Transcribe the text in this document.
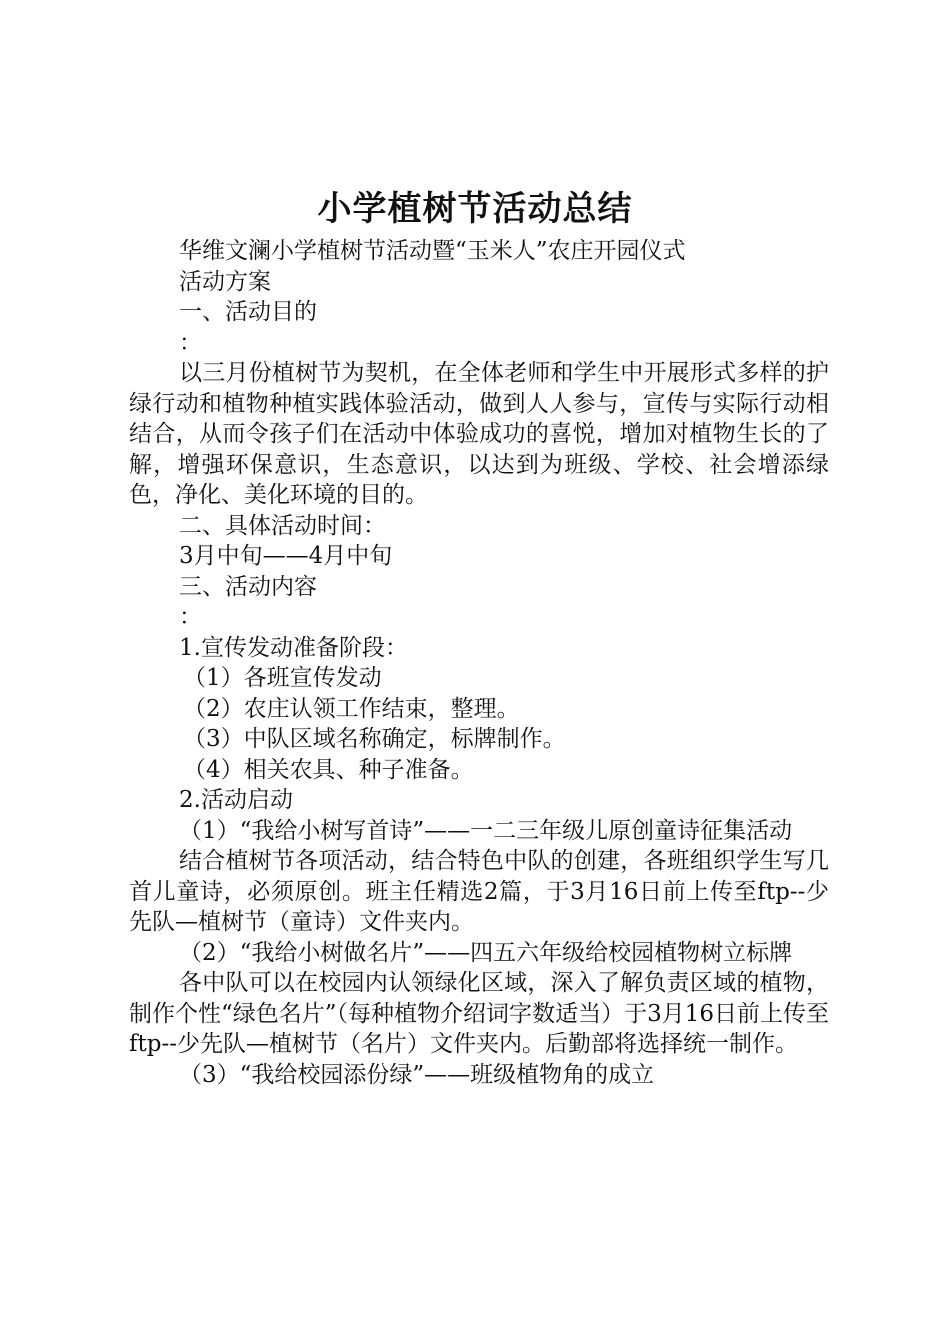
小学植树节活动总结

华维文澜小学植树节活动暨“玉米人”农庄开园仪式

活动方案

一、活动目的

：

以三月份植树节为契机，在全体老师和学生中开展形式多样的护绿行动和植物种植实践体验活动，做到人人参与，宣传与实际行动相结合，从而令孩子们在活动中体验成功的喜悦，增加对植物生长的了解，增强环保意识，生态意识，以达到为班级、学校、社会增添绿色，净化、美化环境的目的。

二、具体活动时间：

3月中旬——4月中旬

三、活动内容

：

1.宣传发动准备阶段：

（1）各班宣传发动

（2）农庄认领工作结束，整理。

（3）中队区域名称确定，标牌制作。

（4）相关农具、种子准备。

2.活动启动

（1）“我给小树写首诗”——一二三年级儿原创童诗征集活动

结合植树节各项活动，结合特色中队的创建，各班组织学生写几首儿童诗，必须原创。班主任精选2篇，于3月16日前上传至ftp--少先队—植树节（童诗）文件夹内。

（2）“我给小树做名片”——四五六年级给校园植物树立标牌

各中队可以在校园内认领绿化区域，深入了解负责区域的植物，制作个性“绿色名片”（每种植物介绍词字数适当）于3月16日前上传至ftp--少先队—植树节（名片）文件夹内。后勤部将选择统一制作。

（3）“我给校园添份绿”——班级植物角的成立
